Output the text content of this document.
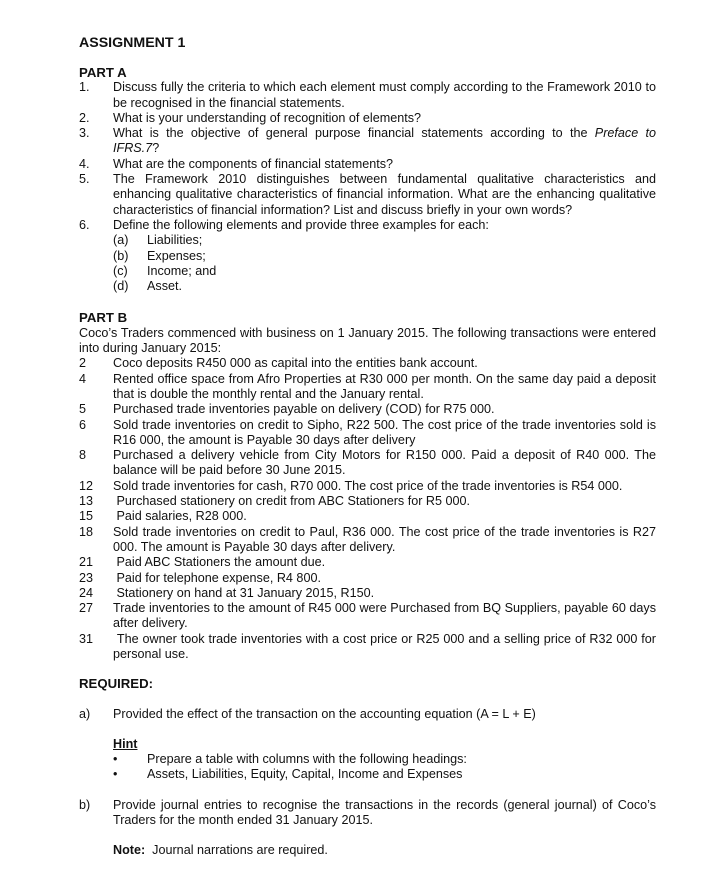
ASSIGNMENT 1
PART A
1.	Discuss fully the criteria to which each element must comply according to the Framework 2010 to be recognised in the financial statements.
2.	What is your understanding of recognition of elements?
3.	What is the objective of general purpose financial statements according to the Preface to IFRS.7?
4.	What are the components of financial statements?
5.	The Framework 2010 distinguishes between fundamental qualitative characteristics and enhancing qualitative characteristics of financial information. What are the enhancing qualitative characteristics of financial information? List and discuss briefly in your own words?
6.	Define the following elements and provide three examples for each:
(a)	Liabilities;
(b)	Expenses;
(c)	Income; and
(d)	Asset.
PART B
Coco’s Traders commenced with business on 1 January 2015. The following transactions were entered into during January 2015:
2	Coco deposits R450 000 as capital into the entities bank account.
4	Rented office space from Afro Properties at R30 000 per month. On the same day paid a deposit that is double the monthly rental and the January rental.
5	Purchased trade inventories payable on delivery (COD) for R75 000.
6	Sold trade inventories on credit to Sipho, R22 500. The cost price of the trade inventories sold is R16 000, the amount is Payable 30 days after delivery
8	Purchased a delivery vehicle from City Motors for R150 000. Paid a deposit of R40 000. The balance will be paid before 30 June 2015.
12	Sold trade inventories for cash, R70 000. The cost price of the trade inventories is R54 000.
13	Purchased stationery on credit from ABC Stationers for R5 000.
15	Paid salaries, R28 000.
18	Sold trade inventories on credit to Paul, R36 000. The cost price of the trade inventories is R27 000. The amount is Payable 30 days after delivery.
21	Paid ABC Stationers the amount due.
23	Paid for telephone expense, R4 800.
24	Stationery on hand at 31 January 2015, R150.
27	Trade inventories to the amount of R45 000 were Purchased from BQ Suppliers, payable 60 days after delivery.
31	The owner took trade inventories with a cost price or R25 000 and a selling price of R32 000 for personal use.
REQUIRED:
a)	Provided the effect of the transaction on the accounting equation (A = L + E)
Hint
•
Prepare a table with columns with the following headings:
•
Assets, Liabilities, Equity, Capital, Income and Expenses
b)	Provide journal entries to recognise the transactions in the records (general journal) of Coco’s Traders for the month ended 31 January 2015.
Note:  Journal narrations are required.
